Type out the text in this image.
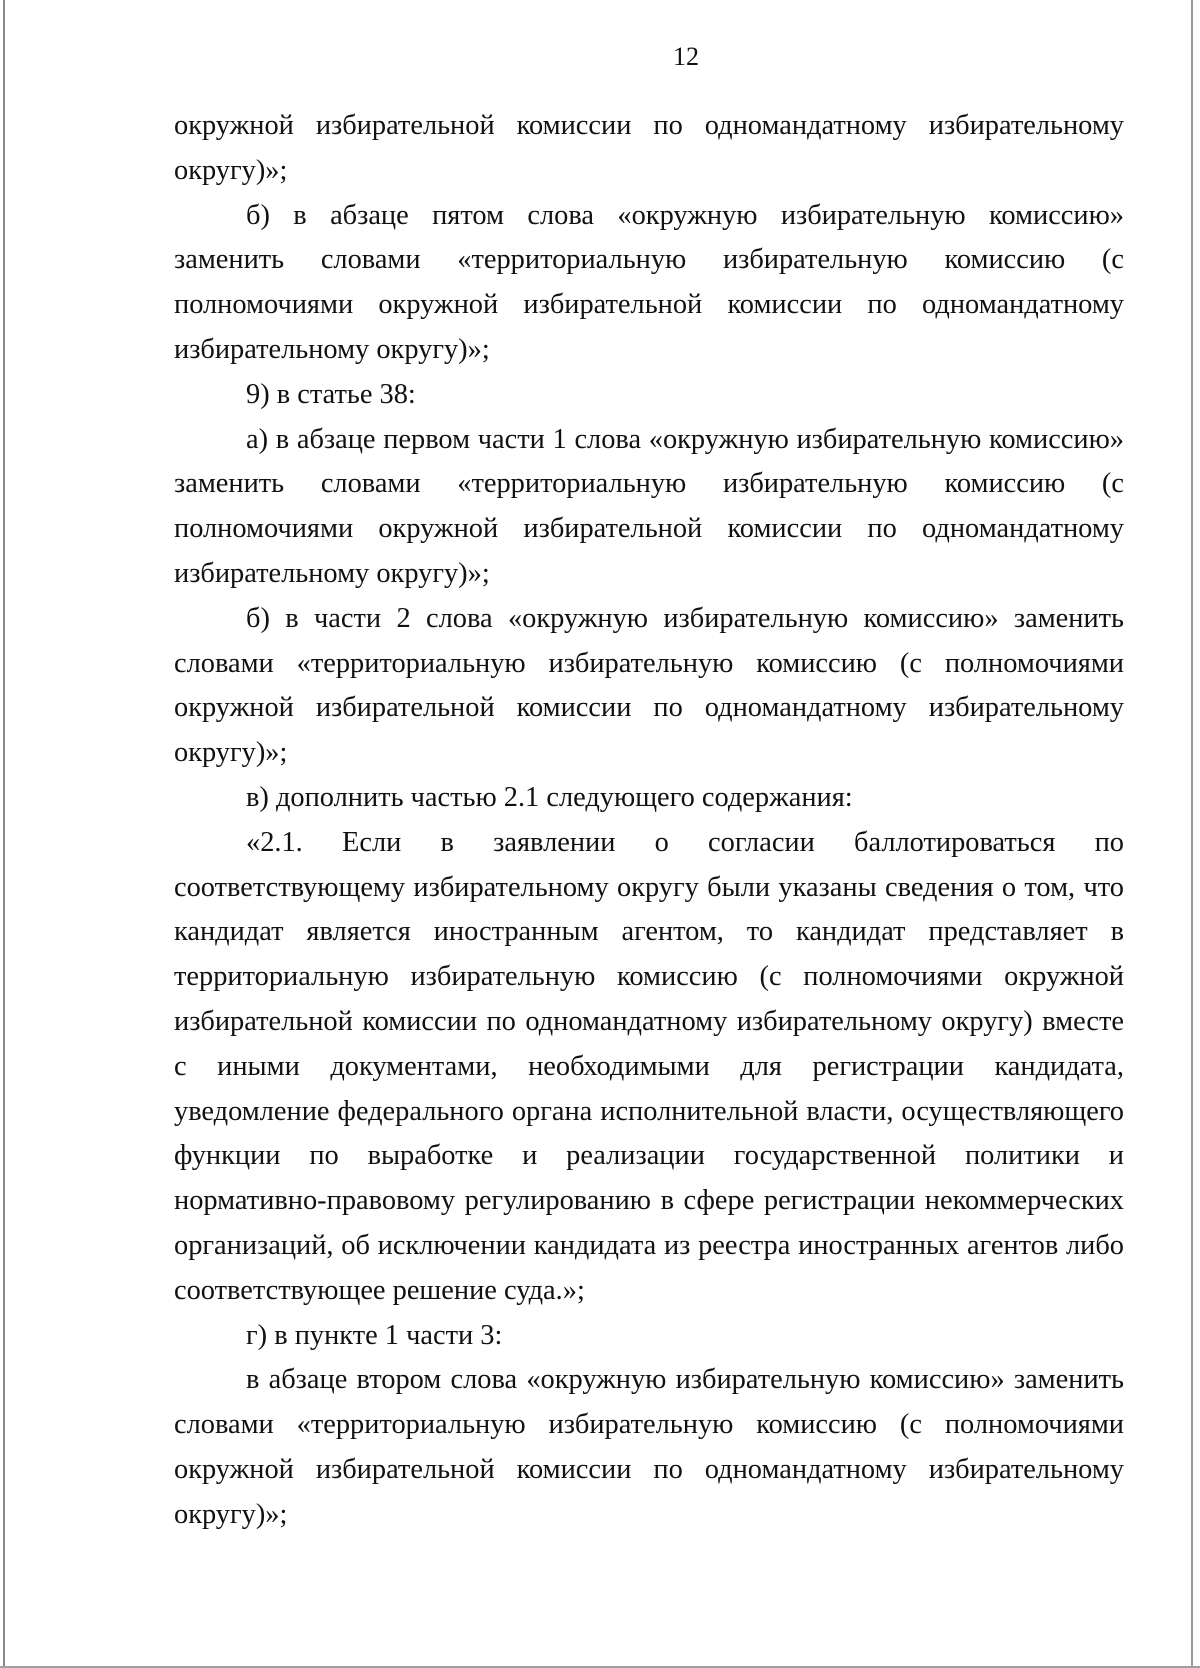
12

окружной избирательной комиссии по одномандатному избирательному округу)»;

б) в абзаце пятом слова «окружную избирательную комиссию» заменить словами «территориальную избирательную комиссию (с полномочиями окружной избирательной комиссии по одномандатному избирательному округу)»;

9) в статье 38:

а) в абзаце первом части 1 слова «окружную избирательную комиссию» заменить словами «территориальную избирательную комиссию (с полномочиями окружной избирательной комиссии по одномандатному избирательному округу)»;

б) в части 2 слова «окружную избирательную комиссию» заменить словами «территориальную избирательную комиссию (с полномочиями окружной избирательной комиссии по одномандатному избирательному округу)»;

в) дополнить частью 2.1 следующего содержания:

«2.1. Если в заявлении о согласии баллотироваться по соответствующему избирательному округу были указаны сведения о том, что кандидат является иностранным агентом, то кандидат представляет в территориальную избирательную комиссию (с полномочиями окружной избирательной комиссии по одномандатному избирательному округу) вместе с иными документами, необходимыми для регистрации кандидата, уведомление федерального органа исполнительной власти, осуществляющего функции по выработке и реализации государственной политики и нормативно-правовому регулированию в сфере регистрации некоммерческих организаций, об исключении кандидата из реестра иностранных агентов либо соответствующее решение суда.»;

г) в пункте 1 части 3:

в абзаце втором слова «окружную избирательную комиссию» заменить словами «территориальную избирательную комиссию (с полномочиями окружной избирательной комиссии по одномандатному избирательному округу)»;
